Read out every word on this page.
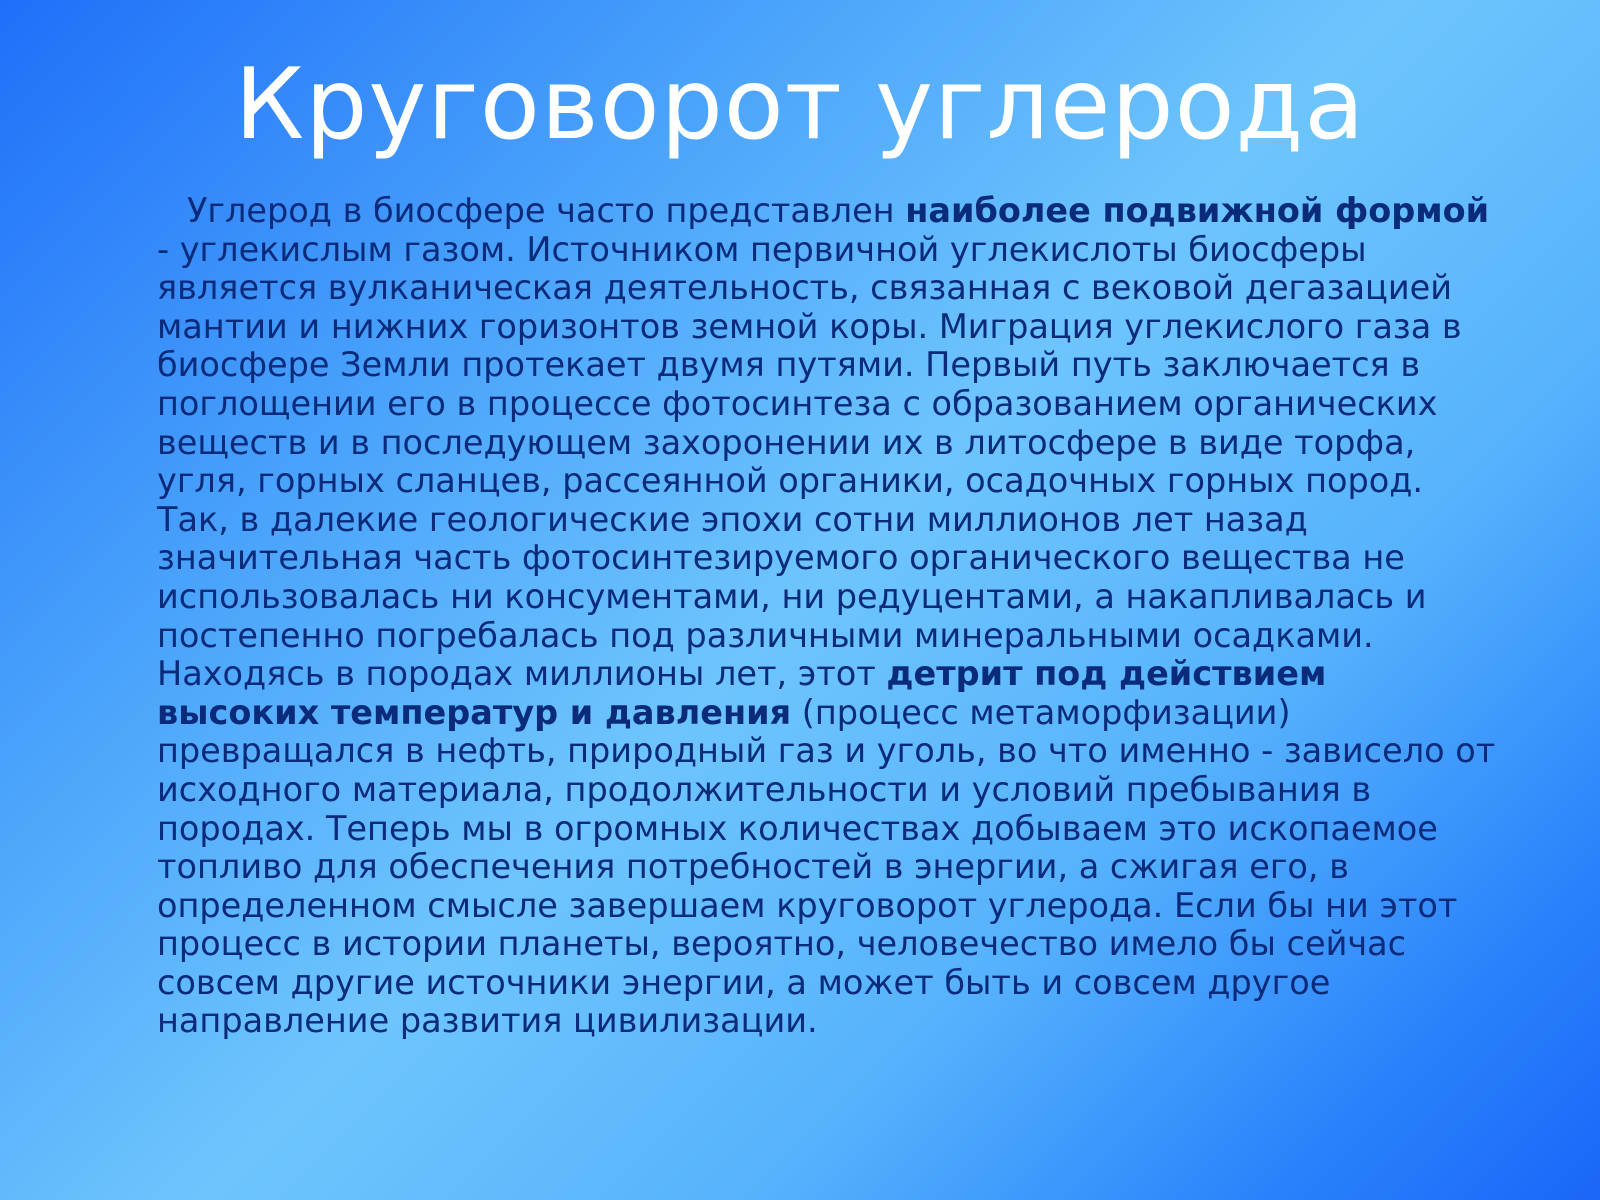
Круговорот углерода
Углерод в биосфере часто представлен наиболее подвижной формой - углекислым газом. Источником первичной углекислоты биосферы является вулканическая деятельность, связанная с вековой дегазацией мантии и нижних горизонтов земной коры. Миграция углекислого газа в биосфере Земли протекает двумя путями. Первый путь заключается в поглощении его в процессе фотосинтеза с образованием органических веществ и в последующем захоронении их в литосфере в виде торфа, угля, горных сланцев, рассеянной органики, осадочных горных пород. Так, в далекие геологические эпохи сотни миллионов лет назад значительная часть фотосинтезируемого органического вещества не использовалась ни консументами, ни редуцентами, а накапливалась и постепенно погребалась под различными минеральными осадками. Находясь в породах миллионы лет, этот детрит под действием высоких температур и давления (процесс метаморфизации) превращался в нефть, природный газ и уголь, во что именно - зависело от исходного материала, продолжительности и условий пребывания в породах. Теперь мы в огромных количествах добываем это ископаемое топливо для обеспечения потребностей в энергии, а сжигая его, в определенном смысле завершаем круговорот углерода. Если бы ни этот процесс в истории планеты, вероятно, человечество имело бы сейчас совсем другие источники энергии, а может быть и совсем другое направление развития цивилизации.
